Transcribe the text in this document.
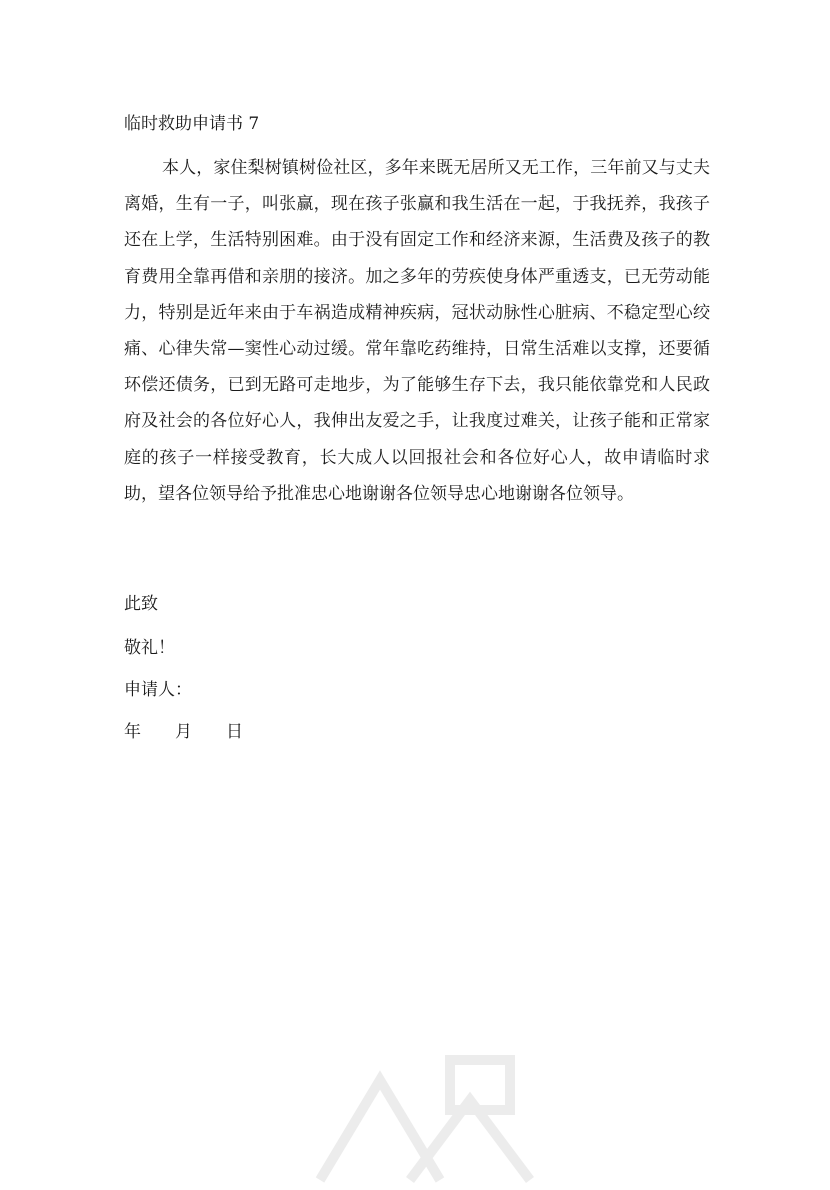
临时救助申请书 7

本人，家住梨树镇树俭社区，多年来既无居所又无工作，三年前又与丈夫离婚，生有一子，叫张赢，现在孩子张赢和我生活在一起，于我抚养，我孩子还在上学，生活特别困难。由于没有固定工作和经济来源，生活费及孩子的教育费用全靠再借和亲朋的接济。加之多年的劳疾使身体严重透支，已无劳动能力，特别是近年来由于车祸造成精神疾病，冠状动脉性心脏病、不稳定型心绞痛、心律失常—窦性心动过缓。常年靠吃药维持，日常生活难以支撑，还要循环偿还债务，已到无路可走地步，为了能够生存下去，我只能依靠党和人民政府及社会的各位好心人，我伸出友爱之手，让我度过难关，让孩子能和正常家庭的孩子一样接受教育，长大成人以回报社会和各位好心人，故申请临时求助，望各位领导给予批准忠心地谢谢各位领导忠心地谢谢各位领导。

此致
敬礼！
申请人：
年　　月　　日
